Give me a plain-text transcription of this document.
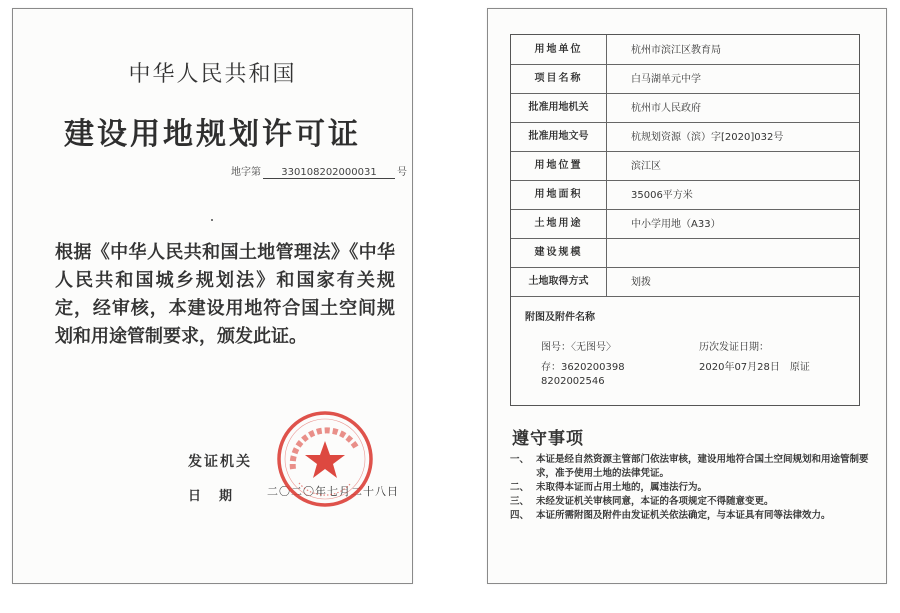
中华人民共和国
建设用地规划许可证
地字第 330108202000031 号
根据《中华人民共和国土地管理法》《中华人民共和国城乡规划法》和国家有关规定，经审核，本建设用地符合国土空间规划和用途管制要求，颁发此证。
发证机关
日期 二〇二〇年七月二十八日
用地单位	杭州市滨江区教育局
项目名称	白马湖单元中学
批准用地机关	杭州市人民政府
批准用地文号	杭规划资源（滨）字[2020]032号
用地位置	滨江区
用地面积	35006平方米
土地用途	中小学用地（A33）
建设规模
土地取得方式	划拨
附图及附件名称
图号：〈无图号〉
存：3620200398
8202002546
历次发证日期：
2020年07月28日　原证
遵守事项
一、 本证是经自然资源主管部门依法审核，建设用地符合国土空间规划和用途管制要求，准予使用土地的法律凭证。
二、 未取得本证而占用土地的，属违法行为。
三、 未经发证机关审核同意，本证的各项规定不得随意变更。
四、 本证所需附图及附件由发证机关依法确定，与本证具有同等法律效力。
